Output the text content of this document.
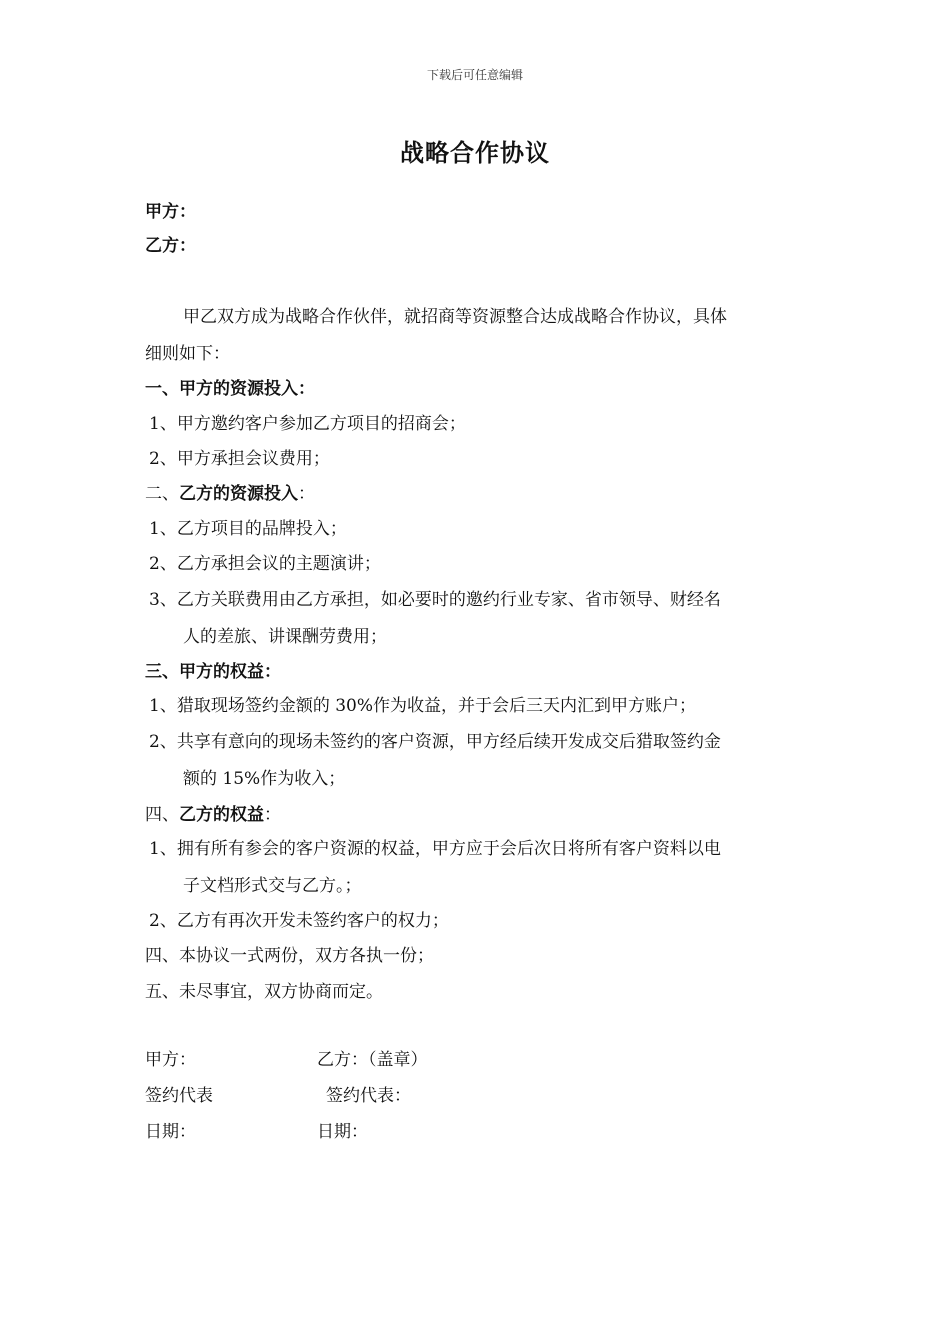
下载后可任意编辑
战略合作协议
甲方：
乙方：
甲乙双方成为战略合作伙伴，就招商等资源整合达成战略合作协议，具体
细则如下：
一、甲方的资源投入：
1、甲方邀约客户参加乙方项目的招商会；
2、甲方承担会议费用；
二、乙方的资源投入：
1、乙方项目的品牌投入；
2、乙方承担会议的主题演讲；
3、乙方关联费用由乙方承担，如必要时的邀约行业专家、省市领导、财经名
人的差旅、讲课酬劳费用；
三、甲方的权益：
1、猎取现场签约金额的 30%作为收益，并于会后三天内汇到甲方账户；
2、共享有意向的现场未签约的客户资源，甲方经后续开发成交后猎取签约金
额的 15%作为收入；
四、乙方的权益：
1、拥有所有参会的客户资源的权益，甲方应于会后次日将所有客户资料以电
子文档形式交与乙方。；
2、乙方有再次开发未签约客户的权力；
四、本协议一式两份，双方各执一份；
五、未尽事宜，双方协商而定。
甲方：	乙方：（盖章）
签约代表	签约代表：
日期：	日期：
